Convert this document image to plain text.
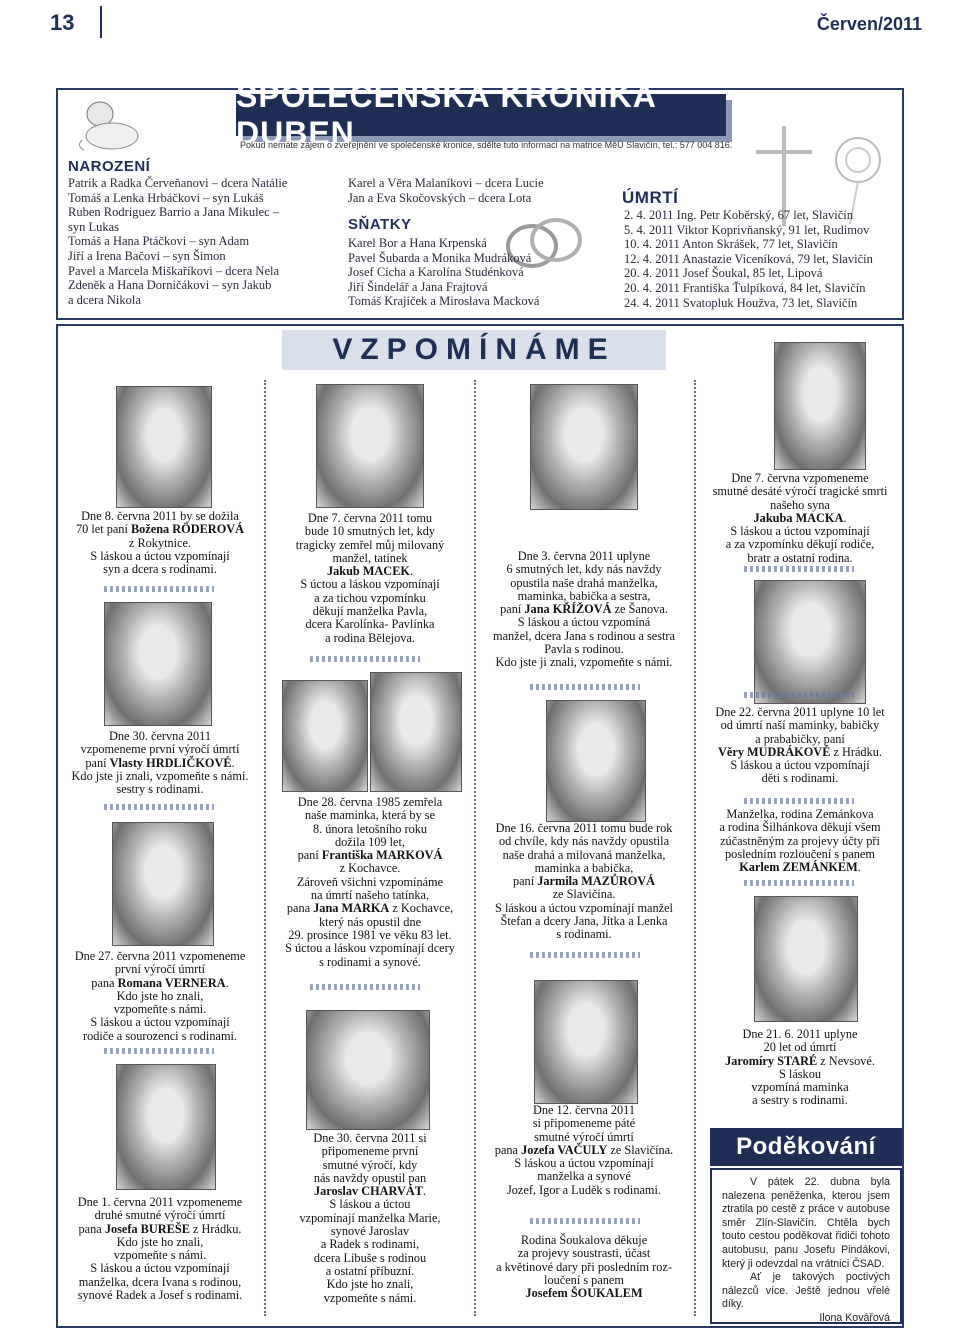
13	Červen/2011
SPOLEČENSKÁ KRONIKA DUBEN
Pokud nemáte zájem o zveřejnění ve společenské kronice, sdělte tuto informaci na matrice MěÚ Slavičín, tel.: 577 004 816.
NAROZENÍ
Patrik a Radka Červeňanovi – dcera Natálie
Tomáš a Lenka Hrbáčkovi – syn Lukáš
Ruben Rodriguez Barrio a Jana Mikulec –
syn Lukas
Tomáš a Hana Ptáčkovi – syn Adam
Jiří a Irena Bačovi – syn Šimon
Pavel a Marcela Miškaříkovi – dcera Nela
Zdeněk a Hana Dorničákovi – syn Jakub
a dcera Nikola
Karel a Věra Malaníkovi – dcera Lucie
Jan a Eva Skočovských – dcera Lota
SŇATKY
Karel Bor a Hana Krpenská
Pavel Šubarda a Monika Mudráková
Josef Cícha a Karolína Studénková
Jiří Šindelář a Jana Frajtová
Tomáš Krajíček a Miroslava Macková
ÚMRTÍ
2. 4. 2011 Ing. Petr Koběrský, 67 let, Slavičín
5. 4. 2011 Viktor Koprivňanský, 91 let, Rudimov
10. 4. 2011 Anton Skrášek, 77 let, Slavičín
12. 4. 2011 Anastazie Viceníková, 79 let, Slavičín
20. 4. 2011 Josef Šoukal, 85 let, Lipová
20. 4. 2011 Františka Ťulpíková, 84 let, Slavičín
24. 4. 2011 Svatopluk Houžva, 73 let, Slavičín
VZPOMÍNÁME
Dne 8. června 2011 by se dožila
70 let paní Božena RÖDEROVÁ
z Rokytnice.
S láskou a úctou vzpomínají
syn a dcera s rodinami.
Dne 30. června 2011
vzpomeneme první výročí úmrtí
paní Vlasty HRDLIČKOVÉ.
Kdo jste ji znali, vzpomeňte s námi.
sestry s rodinami.
Dne 27. června 2011 vzpomeneme
první výročí úmrtí
pana Romana VERNERA.
Kdo jste ho znali,
vzpomeňte s námi.
S láskou a úctou vzpomínají
rodiče a sourozenci s rodinami.
Dne 1. června 2011 vzpomeneme
druhé smutné výročí úmrtí
pana Josefa BUREŠE z Hrádku.
Kdo jste ho znali,
vzpomeňte s námi.
S láskou a úctou vzpomínají
manželka, dcera Ivana s rodinou,
synové Radek a Josef s rodinami.
Dne 7. června 2011 tomu
bude 10 smutných let, kdy
tragicky zemřel můj milovaný
manžel, tatínek
Jakub MACEK.
S úctou a láskou vzpomínají
a za tichou vzpomínku
děkují manželka Pavla,
dcera Karolínka- Pavlínka
a rodina Bělejova.
Dne 28. června 1985 zemřela
naše maminka, která by se
8. února letošního roku
dožila 109 let,
paní Františka MARKOVÁ
z Kochavce.
Zároveň všichni vzpomínáme
na úmrtí našeho tatínka,
pana Jana MARKA z Kochavce,
který nás opustil dne
29. prosince 1981 ve věku 83 let.
S úctou a láskou vzpomínají dcery
s rodinami a synové.
Dne 30. června 2011 si
připomeneme první
smutné výročí, kdy
nás navždy opustil pan
Jaroslav CHARVÁT.
S láskou a úctou
vzpomínají manželka Marie,
synové Jaroslav
a Radek s rodinami,
dcera Libuše s rodinou
a ostatní příbuzní.
Kdo jste ho znali,
vzpomeňte s námi.
Dne 3. června 2011 uplyne
6 smutných let, kdy nás navždy
opustila naše drahá manželka,
maminka, babička a sestra,
paní Jana KŘÍŽOVÁ ze Šanova.
S láskou a úctou vzpomíná
manžel, dcera Jana s rodinou a sestra
Pavla s rodinou.
Kdo jste ji znali, vzpomeňte s námi.
Dne 16. června 2011 tomu bude rok
od chvíle, kdy nás navždy opustila
naše drahá a milovaná manželka,
maminka a babička,
paní Jarmila MAZŮROVÁ
ze Slavičína.
S láskou a úctou vzpomínají manžel
Štefan a dcery Jana, Jitka a Lenka
s rodinami.
Dne 12. června 2011
si připomeneme páté
smutné výročí úmrtí
pana Jozefa VAČULY ze Slavičína.
S láskou a úctou vzpomínají
manželka a synové
Jozef, Igor a Luděk s rodinami.
Rodina Šoukalova děkuje
za projevy soustrasti, účast
a květinové dary při posledním roz-
loučení s panem
Josefem ŠOUKALEM
Dne 7. června vzpomeneme
smutné desáté výročí tragické smrti
našeho syna
Jakuba MACKA.
S láskou a úctou vzpomínají
a za vzpomínku děkují rodiče,
bratr a ostatní rodina.
Dne 22. června 2011 uplyne 10 let
od úmrtí naší maminky, babičky
a prababičky, paní
Věry MUDRÁKOVÉ z Hrádku.
S láskou a úctou vzpomínají
děti s rodinami.
Manželka, rodina Zemánkova
a rodina Šilhánkova děkují všem
zúčastněným za projevy účty při
posledním rozloučení s panem
Karlem ZEMÁNKEM.
Dne 21. 6. 2011 uplyne
20 let od úmrtí
Jaromíry STARÉ z Nevsové.
S láskou
vzpomíná maminka
a sestry s rodinami.
Poděkování
V pátek 22. dubna byla nalezena peněženka, kterou jsem ztratila po cestě z práce v autobuse směr Zlín-Slavičín. Chtěla bych touto cestou poděkovat řidiči tohoto autobusu, panu Josefu Pindákovi, který ji odevzdal na vrátnici ČSAD.
Ať je takových poctivých nálezců více. Ještě jednou vřelé díky.
Ilona Kovářová
